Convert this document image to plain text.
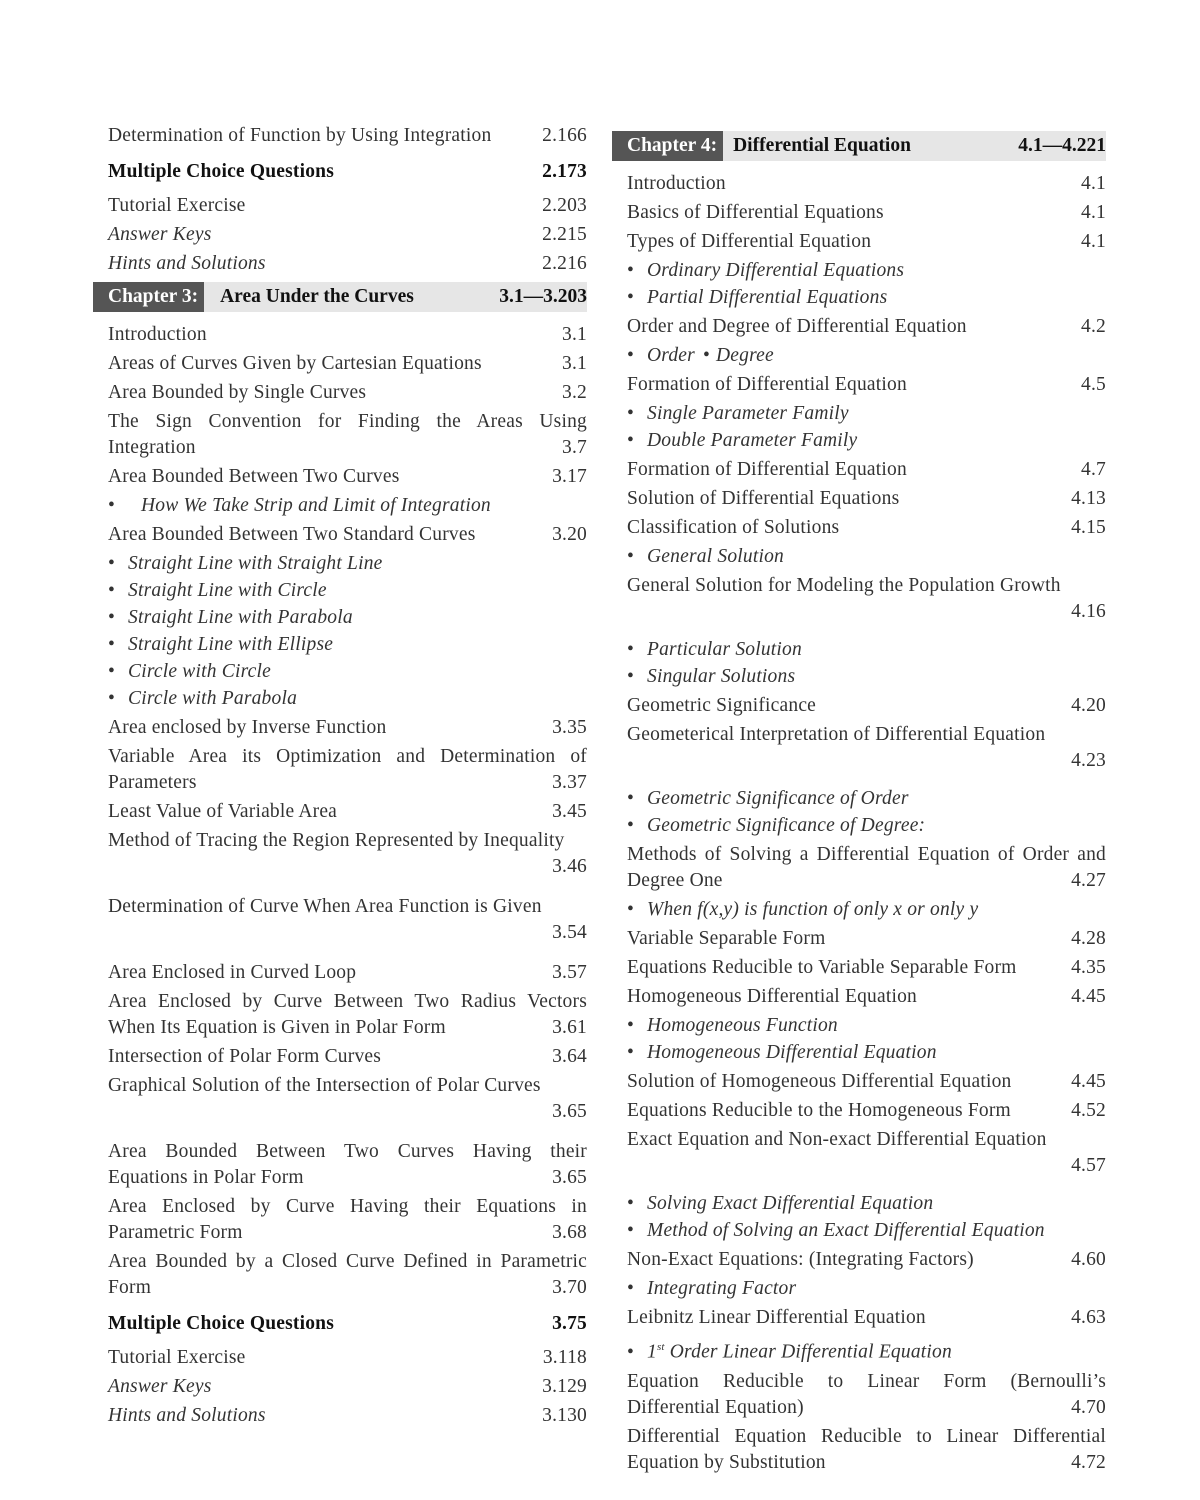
Determination of Function by Using Integration	2.166
Multiple Choice Questions	2.173
Tutorial Exercise	2.203
Answer Keys	2.215
Hints and Solutions	2.216
Chapter 3:	Area Under the Curves	3.1—3.203
Introduction	3.1
Areas of Curves Given by Cartesian Equations	3.1
Area Bounded by Single Curves	3.2
The Sign Convention for Finding the Areas Using
Integration	3.7
Area Bounded Between Two Curves	3.17
• How We Take Strip and Limit of Integration
Area Bounded Between Two Standard Curves	3.20
• Straight Line with Straight Line
• Straight Line with Circle
• Straight Line with Parabola
• Straight Line with Ellipse
• Circle with Circle
• Circle with Parabola
Area enclosed by Inverse Function	3.35
Variable Area its Optimization and Determination of
Parameters	3.37
Least Value of Variable Area	3.45
Method of Tracing the Region Represented by Inequality
3.46
Determination of Curve When Area Function is Given
3.54
Area Enclosed in Curved Loop	3.57
Area Enclosed by Curve Between Two Radius Vectors
When Its Equation is Given in Polar Form	3.61
Intersection of Polar Form Curves	3.64
Graphical Solution of the Intersection of Polar Curves
3.65
Area Bounded Between Two Curves Having their
Equations in Polar Form	3.65
Area Enclosed by Curve Having their Equations in
Parametric Form	3.68
Area Bounded by a Closed Curve Defined in Parametric
Form	3.70
Multiple Choice Questions	3.75
Tutorial Exercise	3.118
Answer Keys	3.129
Hints and Solutions	3.130
Chapter 4: Differential Equation	4.1—4.221
Introduction	4.1
Basics of Differential Equations	4.1
Types of Differential Equation	4.1
• Ordinary Differential Equations
• Partial Differential Equations
Order and Degree of Differential Equation	4.2
• Order • Degree
Formation of Differential Equation	4.5
• Single Parameter Family
• Double Parameter Family
Formation of Differential Equation	4.7
Solution of Differential Equations	4.13
Classification of Solutions	4.15
• General Solution
General Solution for Modeling the Population Growth
4.16
• Particular Solution
• Singular Solutions
Geometric Significance	4.20
Geometerical Interpretation of Differential Equation
4.23
• Geometric Significance of Order
• Geometric Significance of Degree:
Methods of Solving a Differential Equation of Order and
Degree One	4.27
• When f(x,y) is function of only x or only y
Variable Separable Form	4.28
Equations Reducible to Variable Separable Form	4.35
Homogeneous Differential Equation	4.45
• Homogeneous Function
• Homogeneous Differential Equation
Solution of Homogeneous Differential Equation	4.45
Equations Reducible to the Homogeneous Form	4.52
Exact Equation and Non-exact Differential Equation
4.57
• Solving Exact Differential Equation
• Method of Solving an Exact Differential Equation
Non-Exact Equations: (Integrating Factors)	4.60
• Integrating Factor
Leibnitz Linear Differential Equation	4.63
• 1st Order Linear Differential Equation
Equation Reducible to Linear Form (Bernoulli’s
Differential Equation)	4.70
Differential Equation Reducible to Linear Differential
Equation by Substitution	4.72
